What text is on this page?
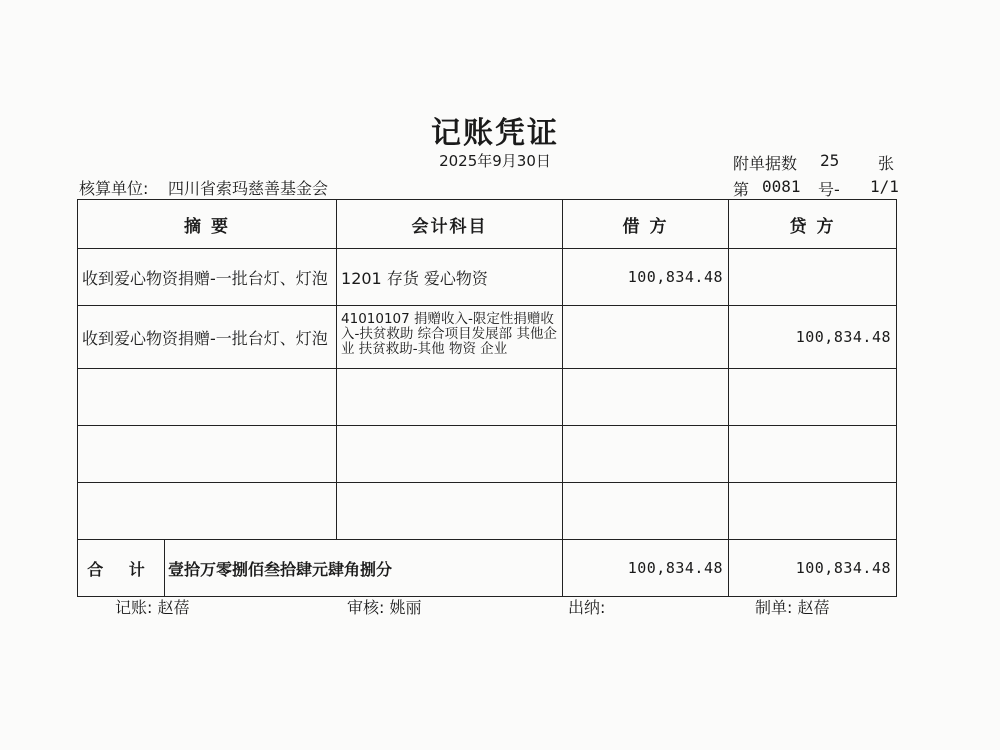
记账凭证
2025年9月30日
核算单位: 四川省索玛慈善基金会
附单据数 25 张
第 0081 号- 1/1
摘 要		会计科目	借 方	贷 方
收到爱心物资捐赠-一批台灯、灯泡		1201 存货 爱心物资	100,834.48	
收到爱心物资捐赠-一批台灯、灯泡		41010107 捐赠收入-限定性捐赠收入-扶贫救助 综合项目发展部 其他企业 扶贫救助-其他 物资 企业		100,834.48

合 计	壹拾万零捌佰叁拾肆元肆角捌分		100,834.48	100,834.48
记账: 赵蓓	审核: 姚丽	出纳:	制单: 赵蓓
